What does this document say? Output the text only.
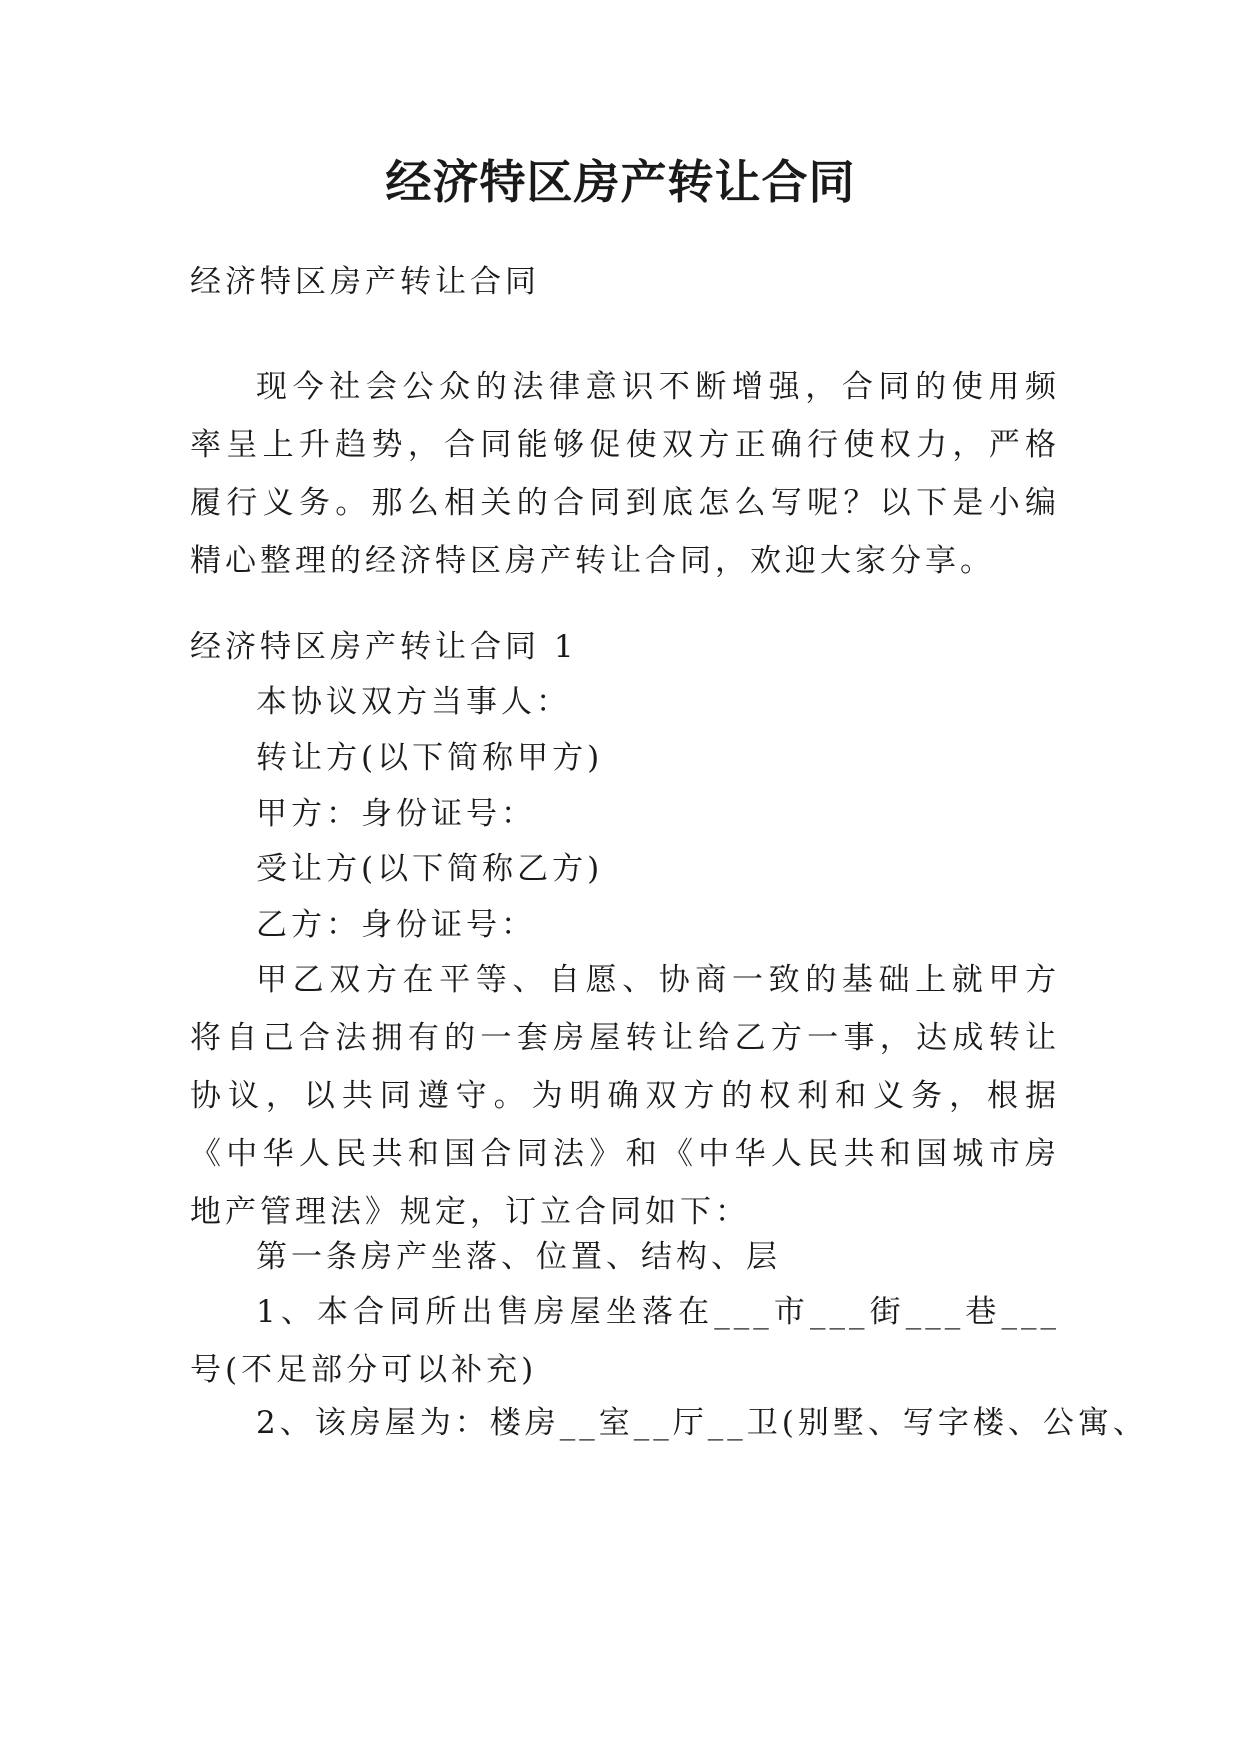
经济特区房产转让合同

经济特区房产转让合同

现今社会公众的法律意识不断增强，合同的使用频率呈上升趋势，合同能够促使双方正确行使权力，严格履行义务。那么相关的合同到底怎么写呢？以下是小编精心整理的经济特区房产转让合同，欢迎大家分享。

经济特区房产转让合同 1

本协议双方当事人：

转让方(以下简称甲方)

甲方：身份证号：

受让方(以下简称乙方)

乙方：身份证号：

甲乙双方在平等、自愿、协商一致的基础上就甲方将自己合法拥有的一套房屋转让给乙方一事，达成转让协议，以共同遵守。为明确双方的权利和义务，根据《中华人民共和国合同法》和《中华人民共和国城市房地产管理法》规定，订立合同如下：

第一条房产坐落、位置、结构、层

1、本合同所出售房屋坐落在___市___街___巷___号(不足部分可以补充)

2、该房屋为：楼房__室__厅__卫(别墅、写字楼、公寓、
